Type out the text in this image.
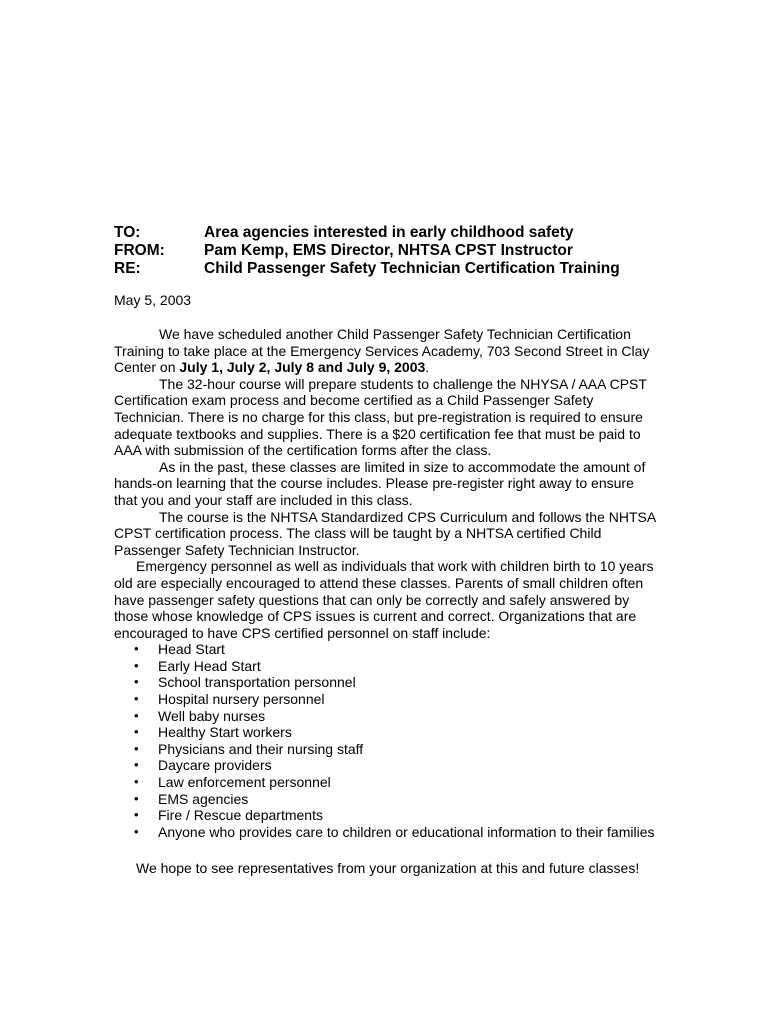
TO:	Area agencies interested in early childhood safety
FROM:	Pam Kemp, EMS Director, NHTSA CPST Instructor
RE:	Child Passenger Safety Technician Certification Training
May 5, 2003

We have scheduled another Child Passenger Safety Technician Certification Training to take place at the Emergency Services Academy, 703 Second Street in Clay Center on July 1, July 2, July 8 and July 9, 2003.

The 32-hour course will prepare students to challenge the NHYSA / AAA CPST Certification exam process and become certified as a Child Passenger Safety Technician. There is no charge for this class, but pre-registration is required to ensure adequate textbooks and supplies. There is a $20 certification fee that must be paid to AAA with submission of the certification forms after the class.

As in the past, these classes are limited in size to accommodate the amount of hands-on learning that the course includes. Please pre-register right away to ensure that you and your staff are included in this class.

The course is the NHTSA Standardized CPS Curriculum and follows the NHTSA CPST certification process. The class will be taught by a NHTSA certified Child Passenger Safety Technician Instructor.

Emergency personnel as well as individuals that work with children birth to 10 years old are especially encouraged to attend these classes. Parents of small children often have passenger safety questions that can only be correctly and safely answered by those whose knowledge of CPS issues is current and correct. Organizations that are encouraged to have CPS certified personnel on staff include:

•	Head Start
•	Early Head Start
•	School transportation personnel
•	Hospital nursery personnel
•	Well baby nurses
•	Healthy Start workers
•	Physicians and their nursing staff
•	Daycare providers
•	Law enforcement personnel
•	EMS agencies
•	Fire / Rescue departments
•	Anyone who provides care to children or educational information to their families
We hope to see representatives from your organization at this and future classes!
